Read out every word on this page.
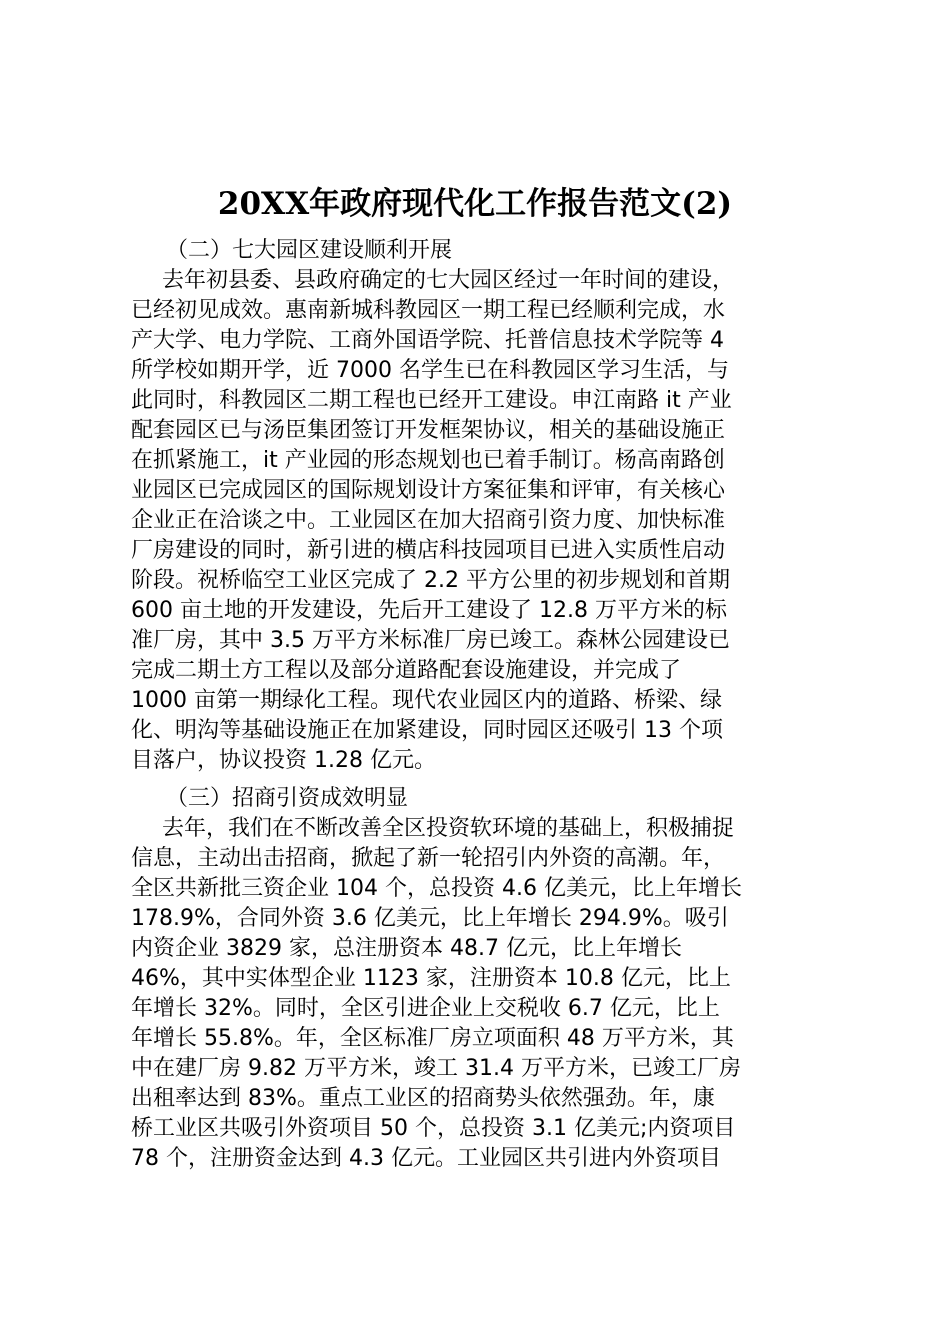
20XX年政府现代化工作报告范文(2)

（二）七大园区建设顺利开展

去年初县委、县政府确定的七大园区经过一年时间的建设，

已经初见成效。惠南新城科教园区一期工程已经顺利完成，水

产大学、电力学院、工商外国语学院、托普信息技术学院等 4

所学校如期开学，近 7000 名学生已在科教园区学习生活，与

此同时，科教园区二期工程也已经开工建设。申江南路 it 产业

配套园区已与汤臣集团签订开发框架协议，相关的基础设施正

在抓紧施工，it 产业园的形态规划也已着手制订。杨高南路创

业园区已完成园区的国际规划设计方案征集和评审，有关核心

企业正在洽谈之中。工业园区在加大招商引资力度、加快标准

厂房建设的同时，新引进的横店科技园项目已进入实质性启动

阶段。祝桥临空工业区完成了 2.2 平方公里的初步规划和首期

600 亩土地的开发建设，先后开工建设了 12.8 万平方米的标

准厂房，其中 3.5 万平方米标准厂房已竣工。森林公园建设已

完成二期土方工程以及部分道路配套设施建设，并完成了

1000 亩第一期绿化工程。现代农业园区内的道路、桥梁、绿

化、明沟等基础设施正在加紧建设，同时园区还吸引 13 个项

目落户，协议投资 1.28 亿元。

（三）招商引资成效明显

去年，我们在不断改善全区投资软环境的基础上，积极捕捉

信息，主动出击招商，掀起了新一轮招引内外资的高潮。年，

全区共新批三资企业 104 个，总投资 4.6 亿美元，比上年增长

178.9%，合同外资 3.6 亿美元，比上年增长 294.9%。吸引

内资企业 3829 家，总注册资本 48.7 亿元，比上年增长

46%，其中实体型企业 1123 家，注册资本 10.8 亿元，比上

年增长 32%。同时，全区引进企业上交税收 6.7 亿元，比上

年增长 55.8%。年，全区标准厂房立项面积 48 万平方米，其

中在建厂房 9.82 万平方米，竣工 31.4 万平方米，已竣工厂房

出租率达到 83%。重点工业区的招商势头依然强劲。年，康

桥工业区共吸引外资项目 50 个，总投资 3.1 亿美元;内资项目

78 个，注册资金达到 4.3 亿元。工业园区共引进内外资项目
